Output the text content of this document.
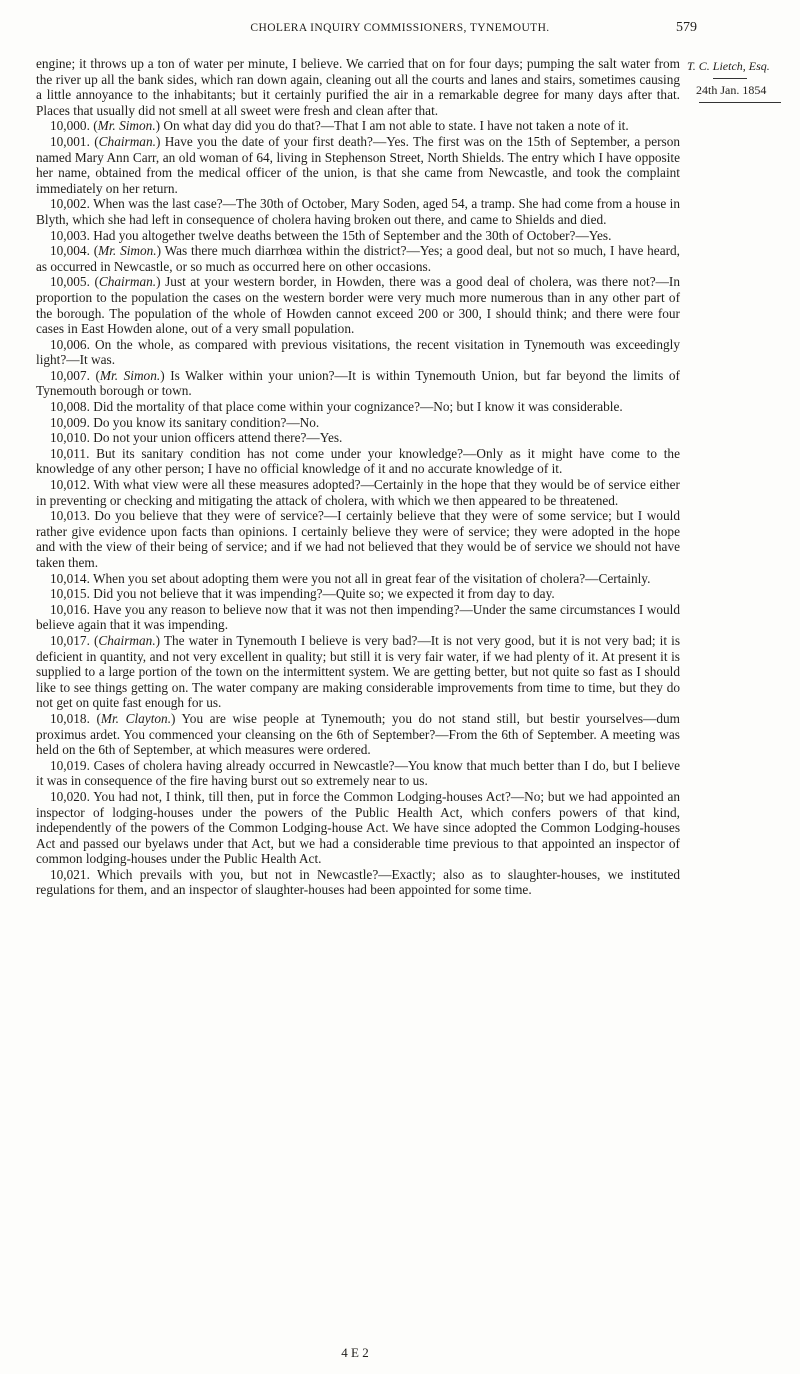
CHOLERA INQUIRY COMMISSIONERS, TYNEMOUTH.	579
T. C. Lietch, Esq.
24th Jan. 1854

engine; it throws up a ton of water per minute, I believe. We carried that on for four days; pumping the salt water from the river up all the bank sides, which ran down again, cleaning out all the courts and lanes and stairs, sometimes causing a little annoyance to the inhabitants; but it certainly purified the air in a remarkable degree for many days after that. Places that usually did not smell at all sweet were fresh and clean after that.

10,000. (Mr. Simon.) On what day did you do that?—That I am not able to state. I have not taken a note of it.

10,001. (Chairman.) Have you the date of your first death?—Yes. The first was on the 15th of September, a person named Mary Ann Carr, an old woman of 64, living in Stephenson Street, North Shields. The entry which I have opposite her name, obtained from the medical officer of the union, is that she came from Newcastle, and took the complaint immediately on her return.

10,002. When was the last case?—The 30th of October, Mary Soden, aged 54, a tramp. She had come from a house in Blyth, which she had left in consequence of cholera having broken out there, and came to Shields and died.

10,003. Had you altogether twelve deaths between the 15th of September and the 30th of October?—Yes.

10,004. (Mr. Simon.) Was there much diarrhœa within the district?—Yes; a good deal, but not so much, I have heard, as occurred in Newcastle, or so much as occurred here on other occasions.

10,005. (Chairman.) Just at your western border, in Howden, there was a good deal of cholera, was there not?—In proportion to the population the cases on the western border were very much more numerous than in any other part of the borough. The population of the whole of Howden cannot exceed 200 or 300, I should think; and there were four cases in East Howden alone, out of a very small population.

10,006. On the whole, as compared with previous visitations, the recent visitation in Tynemouth was exceedingly light?—It was.

10,007. (Mr. Simon.) Is Walker within your union?—It is within Tynemouth Union, but far beyond the limits of Tynemouth borough or town.

10,008. Did the mortality of that place come within your cognizance?—No; but I know it was considerable.

10,009. Do you know its sanitary condition?—No.

10,010. Do not your union officers attend there?—Yes.

10,011. But its sanitary condition has not come under your knowledge?—Only as it might have come to the knowledge of any other person; I have no official knowledge of it and no accurate knowledge of it.

10,012. With what view were all these measures adopted?—Certainly in the hope that they would be of service either in preventing or checking and mitigating the attack of cholera, with which we then appeared to be threatened.

10,013. Do you believe that they were of service?—I certainly believe that they were of some service; but I would rather give evidence upon facts than opinions. I certainly believe they were of service; they were adopted in the hope and with the view of their being of service; and if we had not believed that they would be of service we should not have taken them.

10,014. When you set about adopting them were you not all in great fear of the visitation of cholera?—Certainly.

10,015. Did you not believe that it was impending?—Quite so; we expected it from day to day.

10,016. Have you any reason to believe now that it was not then impending?—Under the same circumstances I would believe again that it was impending.

10,017. (Chairman.) The water in Tynemouth I believe is very bad?—It is not very good, but it is not very bad; it is deficient in quantity, and not very excellent in quality; but still it is very fair water, if we had plenty of it. At present it is supplied to a large portion of the town on the intermittent system. We are getting better, but not quite so fast as I should like to see things getting on. The water company are making considerable improvements from time to time, but they do not get on quite fast enough for us.

10,018. (Mr. Clayton.) You are wise people at Tynemouth; you do not stand still, but bestir yourselves—dum proximus ardet. You commenced your cleansing on the 6th of September?—From the 6th of September. A meeting was held on the 6th of September, at which measures were ordered.

10,019. Cases of cholera having already occurred in Newcastle?—You know that much better than I do, but I believe it was in consequence of the fire having burst out so extremely near to us.

10,020. You had not, I think, till then, put in force the Common Lodging-houses Act?—No; but we had appointed an inspector of lodging-houses under the powers of the Public Health Act, which confers powers of that kind, independently of the powers of the Common Lodging-house Act. We have since adopted the Common Lodging-houses Act and passed our byelaws under that Act, but we had a considerable time previous to that appointed an inspector of common lodging-houses under the Public Health Act.

10,021. Which prevails with you, but not in Newcastle?—Exactly; also as to slaughter-houses, we instituted regulations for them, and an inspector of slaughter-houses had been appointed for some time.

4 E 2
